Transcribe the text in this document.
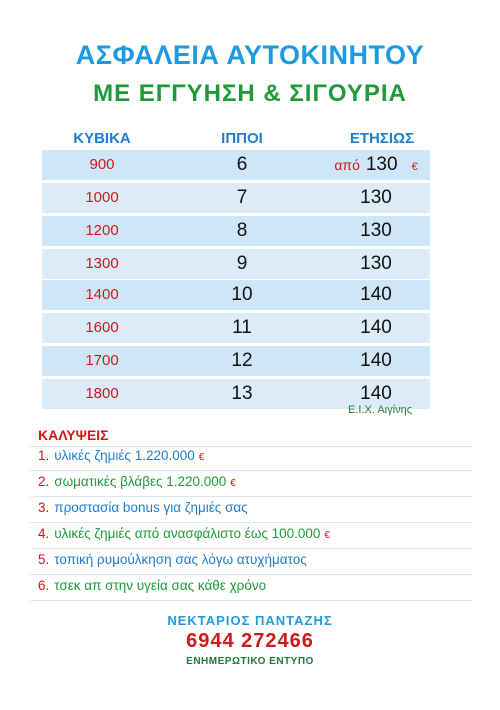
ΑΣΦΑΛΕΙΑ ΑΥΤΟΚΙΝΗΤΟΥ
ΜΕ ΕΓΓΥΗΣΗ & ΣΙΓΟΥΡΙΑ
ΚΥΒΙΚΑ	ΙΠΠΟΙ	ΕΤΗΣΙΩΣ
900	6	από 130 €
1000	7	130
1200	8	130
1300	9	130
1400	10	140
1600	11	140
1700	12	140
1800	13	140
Ε.Ι.Χ. Αιγίνης
ΚΑΛΥΨΕΙΣ
1. υλικές ζημιές 1.220.000 €
2. σωματικές βλάβες 1.220.000 €
3. προστασία bonus για ζημιές σας
4. υλικές ζημιές από ανασφάλιστο έως 100.000 €
5. τοπική ρυμούλκηση σας λόγω ατυχήματος
6. τσεκ απ στην υγεία σας κάθε χρόνο
ΝΕΚΤΑΡΙΟΣ ΠΑΝΤΑΖΗΣ
6944 272466
ΕΝΗΜΕΡΩΤΙΚΟ ΕΝΤΥΠΟ
